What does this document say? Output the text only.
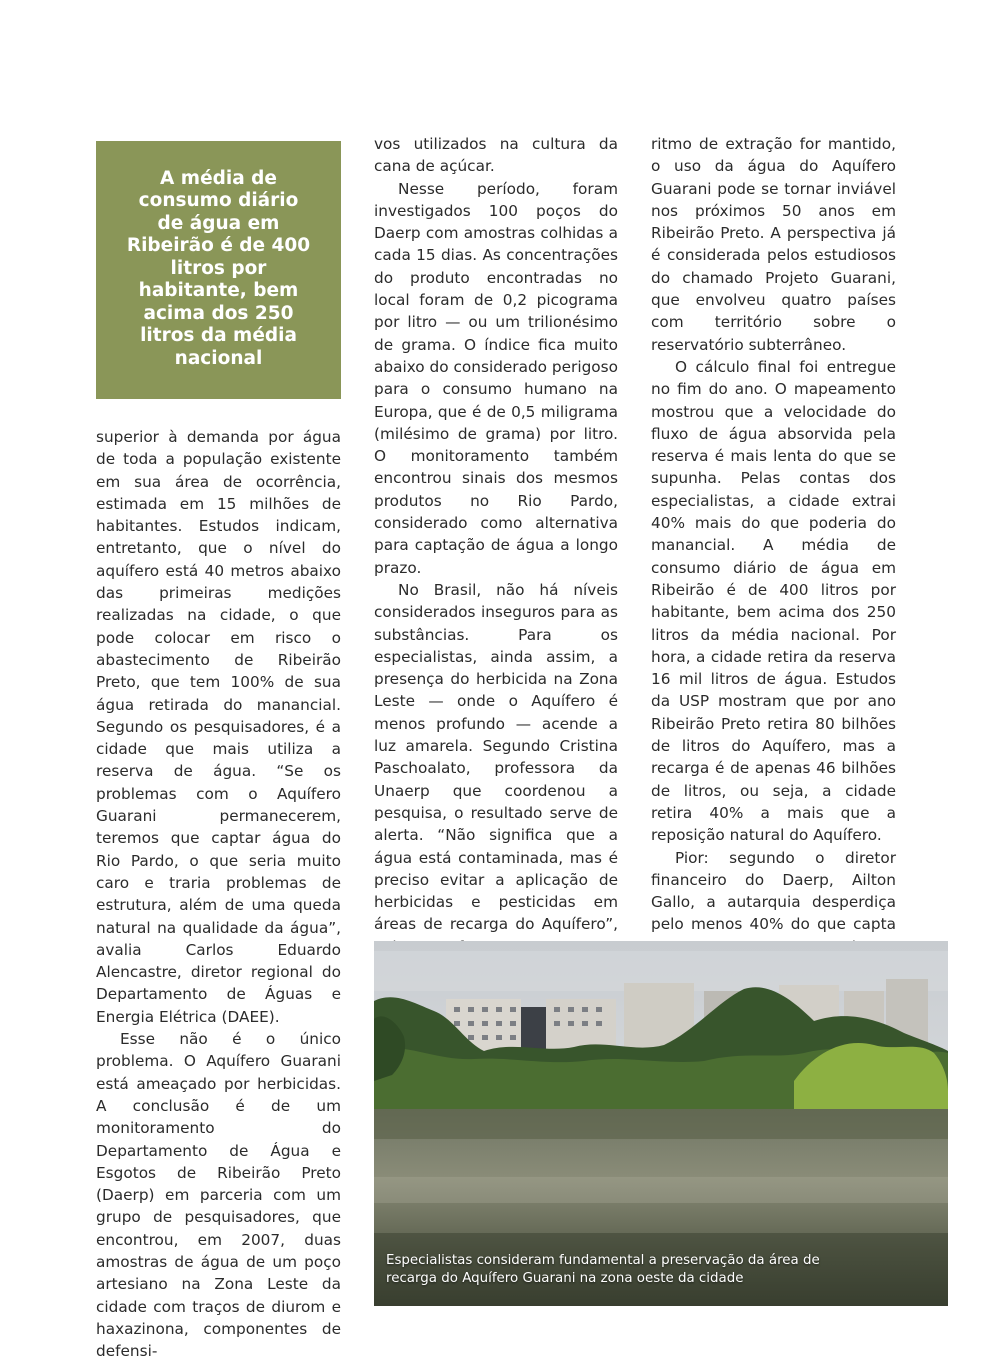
A média de consumo diário de água em Ribeirão é de 400 litros por habitante, bem acima dos 250 litros da média nacional

superior à demanda por água de toda a população existente em sua área de ocorrência, estimada em 15 milhões de habitantes. Estudos indicam, entretanto, que o nível do aquífero está 40 metros abaixo das primeiras medições realizadas na cidade, o que pode colocar em risco o abastecimento de Ribeirão Preto, que tem 100% de sua água retirada do manancial. Segundo os pesquisadores, é a cidade que mais utiliza a reserva de água. “Se os problemas com o Aquífero Guarani permanecerem, teremos que captar água do Rio Pardo, o que seria muito caro e traria problemas de estrutura, além de uma queda natural na qualidade da água”, avalia Carlos Eduardo Alencastre, diretor regional do Departamento de Águas e Energia Elétrica (DAEE).

Esse não é o único problema. O Aquífero Guarani está ameaçado por herbicidas. A conclusão é de um monitoramento do Departamento de Água e Esgotos de Ribeirão Preto (Daerp) em parceria com um grupo de pesquisadores, que encontrou, em 2007, duas amostras de água de um poço artesiano na Zona Leste da cidade com traços de diurom e haxazinona, componentes de defensi-

vos utilizados na cultura da cana de açúcar.

Nesse período, foram investigados 100 poços do Daerp com amostras colhidas a cada 15 dias. As concentrações do produto encontradas no local foram de 0,2 picograma por litro — ou um trilionésimo de grama. O índice fica muito abaixo do considerado perigoso para o consumo humano na Europa, que é de 0,5 miligrama (milésimo de grama) por litro. O monitoramento também encontrou sinais dos mesmos produtos no Rio Pardo, considerado como alternativa para captação de água a longo prazo.

No Brasil, não há níveis considerados inseguros para as substâncias. Para os especialistas, ainda assim, a presença do herbicida na Zona Leste — onde o Aquífero é menos profundo — acende a luz amarela. Segundo Cristina Paschoalato, professora da Unaerp que coordenou a pesquisa, o resultado serve de alerta. “Não significa que a água está contaminada, mas é preciso evitar a aplicação de herbicidas e pesticidas em áreas de recarga do Aquífero”,

ritmo de extração for mantido, o uso da água do Aquífero Guarani pode se tornar inviável nos próximos 50 anos em Ribeirão Preto. A perspectiva já é considerada pelos estudiosos do chamado Projeto Guarani, que envolveu quatro países com território sobre o reservatório subterrâneo.

O cálculo final foi entregue no fim do ano. O mapeamento mostrou que a velocidade do fluxo de água absorvida pela reserva é mais lenta do que se supunha. Pelas contas dos especialistas, a cidade extrai 40% mais do que poderia do manancial. A média de consumo diário de água em Ribeirão é de 400 litros por habitante, bem acima dos 250 litros da média nacional. Por hora, a cidade retira da reserva 16 mil litros de água. Estudos da USP mostram que por ano Ribeirão Preto retira 80 bilhões de litros do Aquífero, mas a recarga é de apenas 46 bilhões de litros, ou seja, a cidade retira 40% a mais que a reposição natural do Aquífero.

Pior: segundo o diretor financeiro do Daerp, Ailton Gallo, a autarquia desperdiça pelo menos 40% do que capta

Especialistas consideram fundamental a preservação da área de recarga do Aquífero Guarani na zona oeste da cidade
